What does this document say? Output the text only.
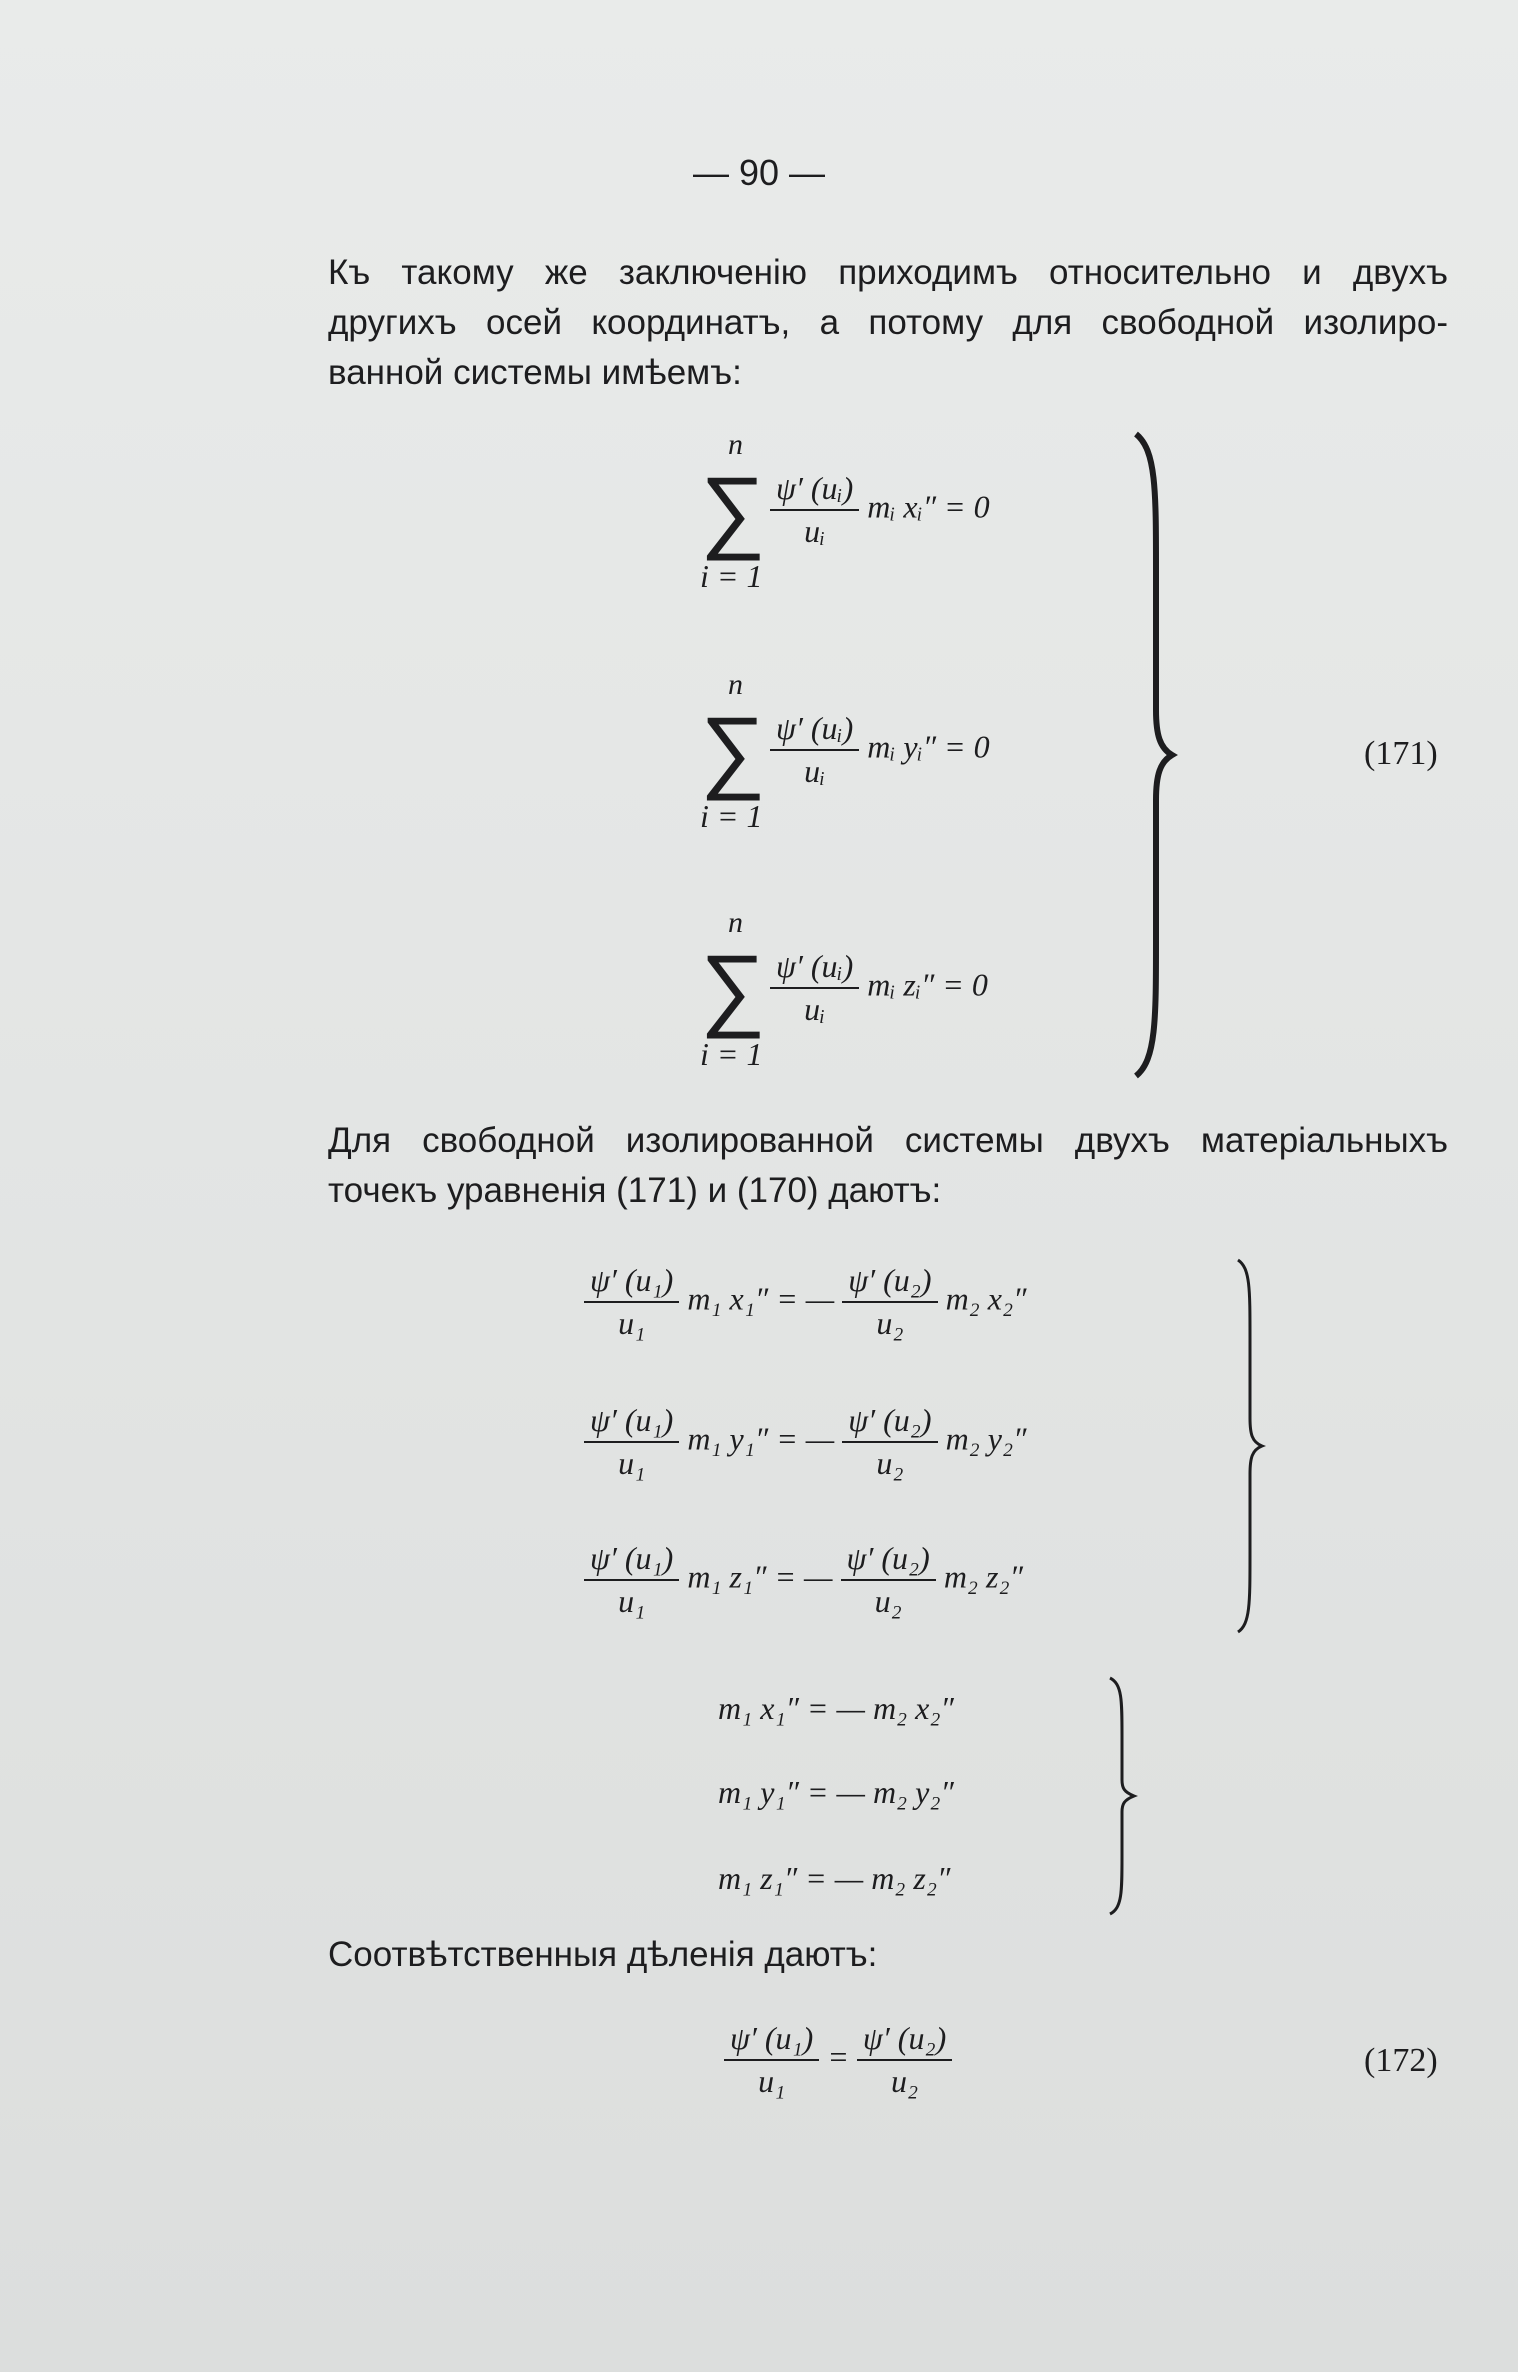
— 90 —
Къ такому же заключенію приходимъ относительно и двухъ
другихъ осей координатъ, а потому для свободной изолиро-
ванной системы имѣемъ:
n
∑
i = 1
$\frac{\text{ψ′ (uᵢ)}}{\text{uᵢ}}$ mᵢ xᵢ″ = 0
n
∑
i = 1
$\frac{\text{ψ′ (uᵢ)}}{\text{uᵢ}}$ mᵢ yᵢ″ = 0
n
∑
i = 1
$\frac{\text{ψ′ (uᵢ)}}{\text{uᵢ}}$ mᵢ zᵢ″ = 0
(171)
Для свободной изолированной системы двухъ матеріальныхъ
точекъ уравненія (171) и (170) даютъ:
$\frac{\text{ψ′ (u₁)}}{\text{u₁}} m_1$ x₁″ = — $\frac{\text{ψ′ (u₂)}}{\text{u₂}} m_2$ x₂″
$\frac{\text{ψ′ (u₁)}}{\text{u₁}} m_1$ y₁″ = — $\frac{\text{ψ′ (u₂)}}{\text{u₂}} m_2$ y₂″
$\frac{\text{ψ′ (u₁)}}{\text{u₁}} m_1$ z₁″ = — $\frac{\text{ψ′ (u₂)}}{\text{u₂}} m_2$ z₂″
m₁ x₁″ = — m₂ x₂″
m₁ y₁″ = — m₂ y₂″
m₁ z₁″ = — m₂ z₂″
Соотвѣтственныя дѣленія даютъ:
$\frac{\text{ψ′ (u₁)}}{\text{u₁}} = \frac{\text{ψ′ (u₂)}}{\text{u₂}}$	(172)
